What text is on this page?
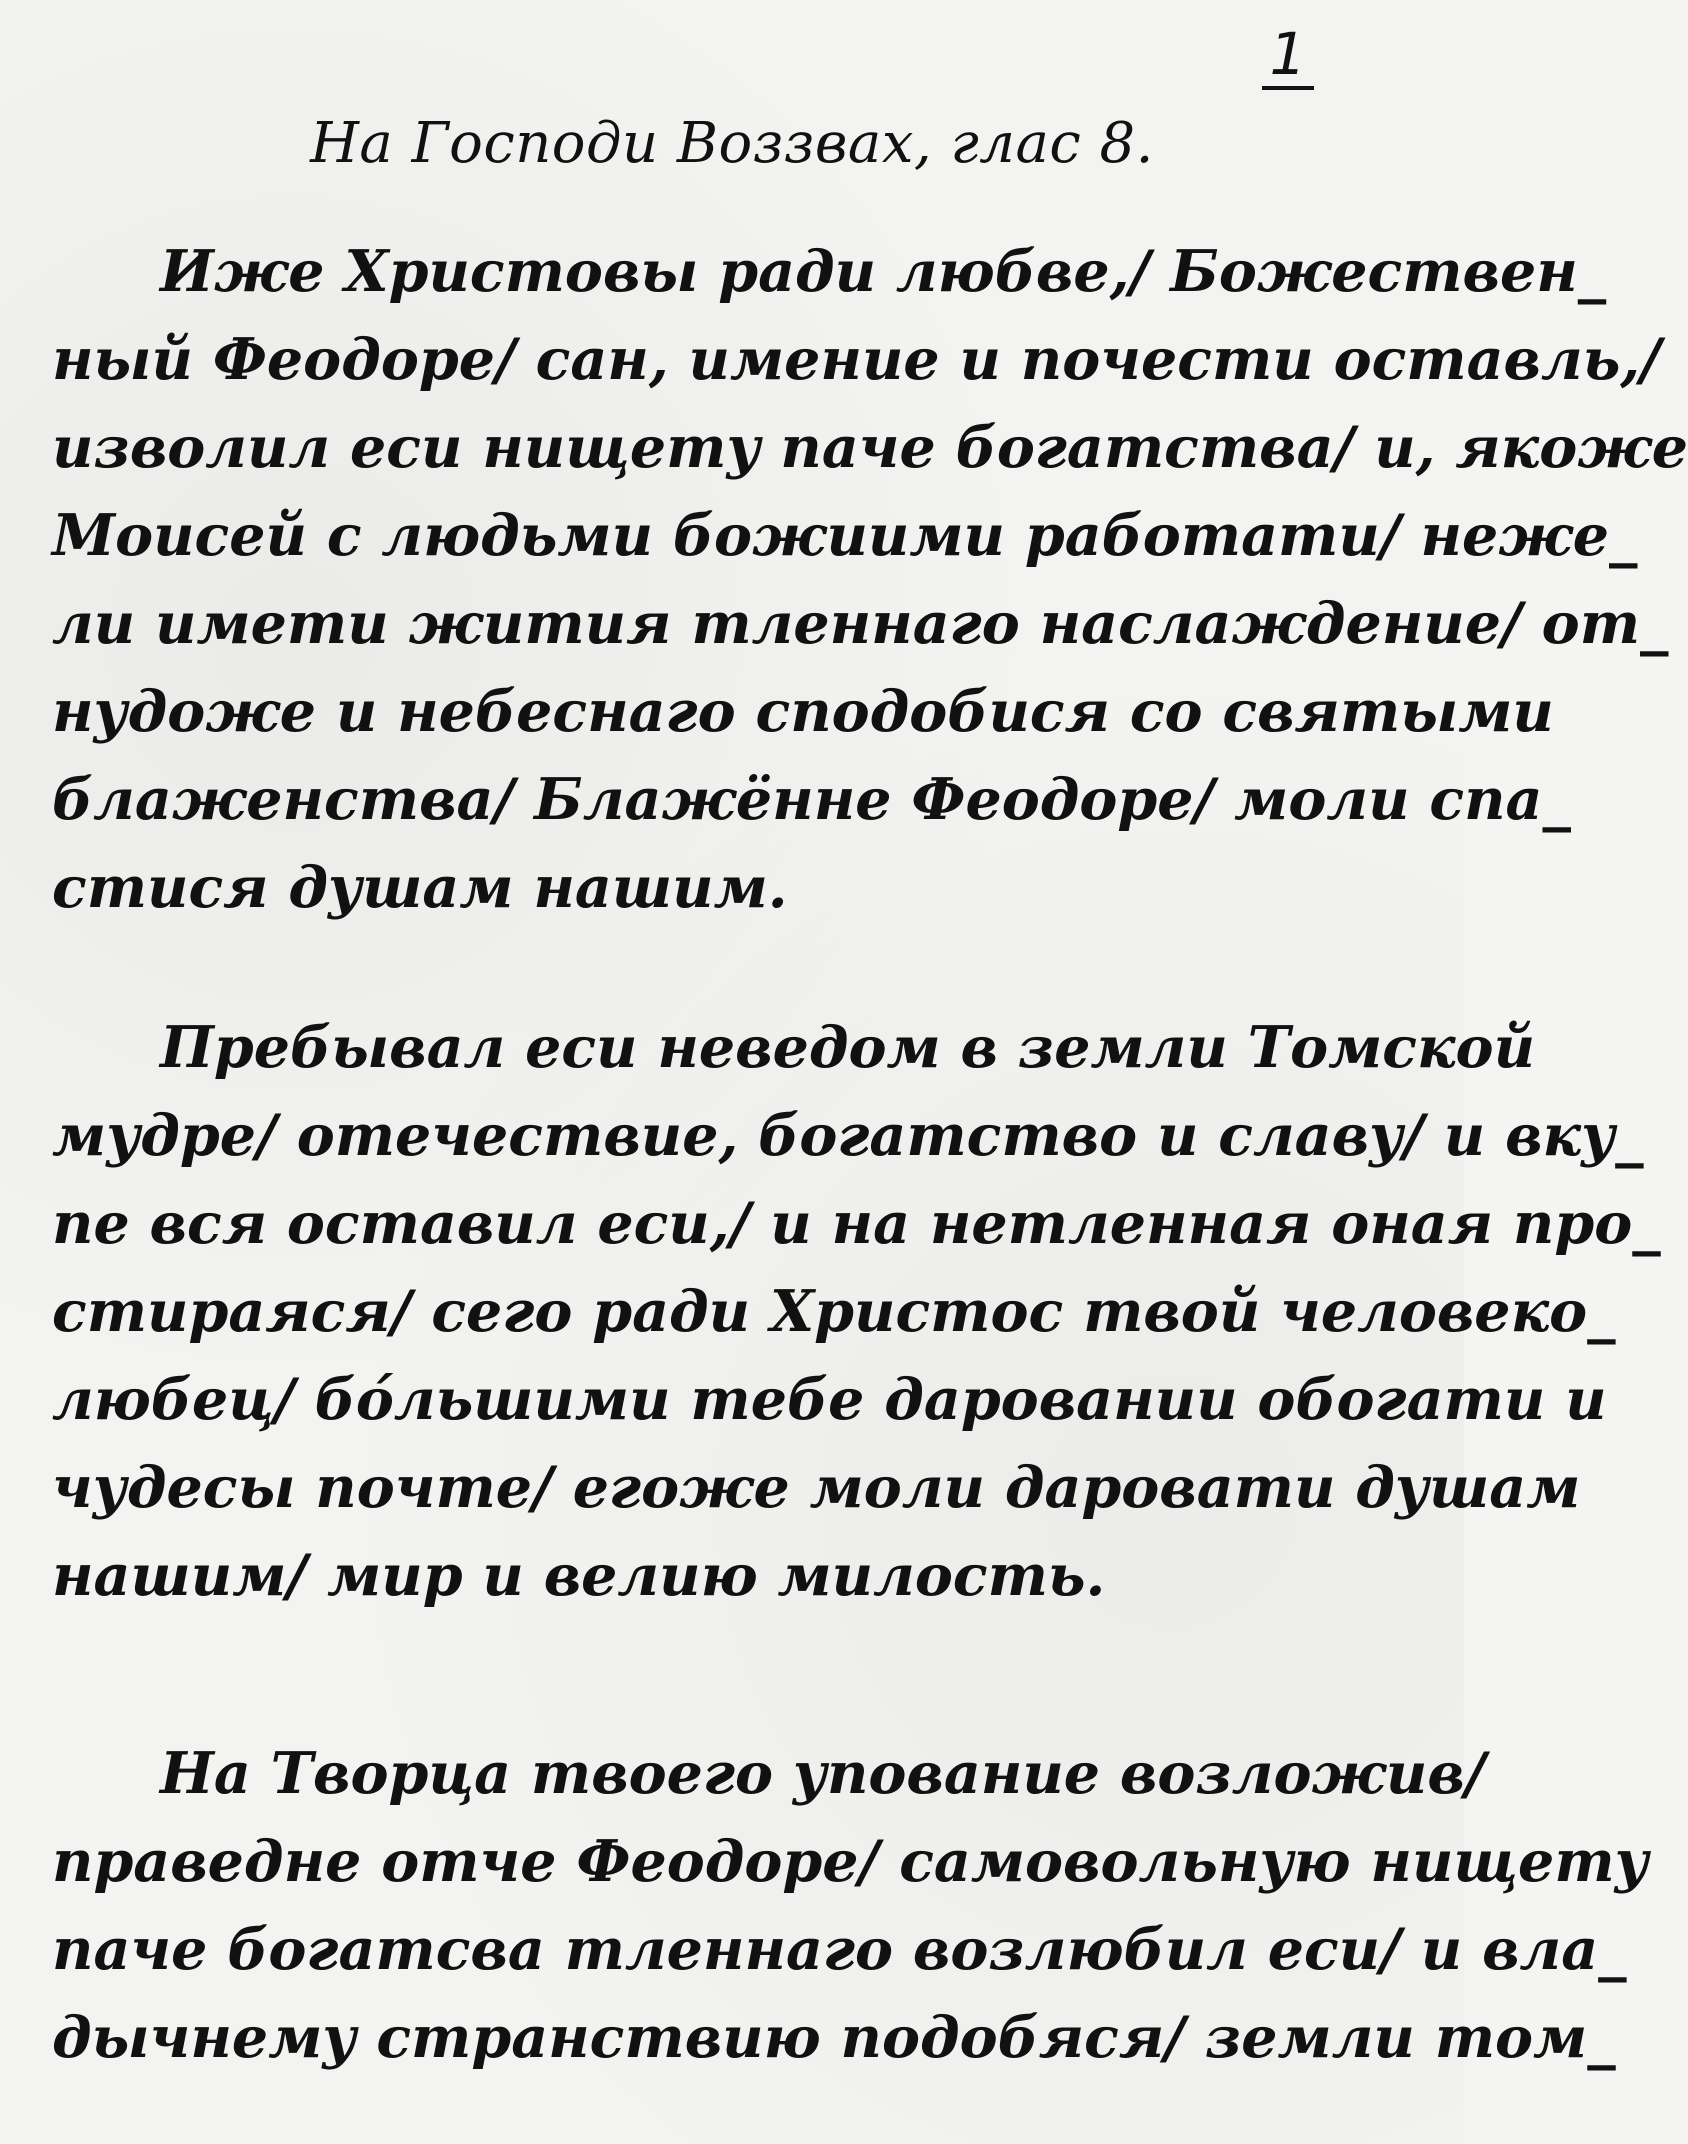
1
На Господи Воззвах, глас 8.
Иже Христовы ради любве,/ Божествен_
ный Феодоре/ сан, имение и почести оставль,/
изволил еси нищету паче богатства/ и, якоже
Моисей с людьми божиими работати/ неже_
ли имети жития тленнаго наслаждение/ от_
нудоже и небеснаго сподобися со святыми
блаженства/ Блажённе Феодоре/ моли спа_
стися душам нашим.
Пребывал еси неведом в земли Томской
мудре/ отечествие, богатство и славу/ и вку_
пе вся оставил еси,/ и на нетленная оная про_
стираяся/ сего ради Христос твой человеко_
любец/ бо́льшими тебе даровании обогати и
чудесы почте/ егоже моли даровати душам
нашим/ мир и велию милость.
На Творца твоего упование возложив/
праведне отче Феодоре/ самовольную нищету
паче богатсва тленнаго возлюбил еси/ и вла_
дычнему странствию подобяся/ земли том_
